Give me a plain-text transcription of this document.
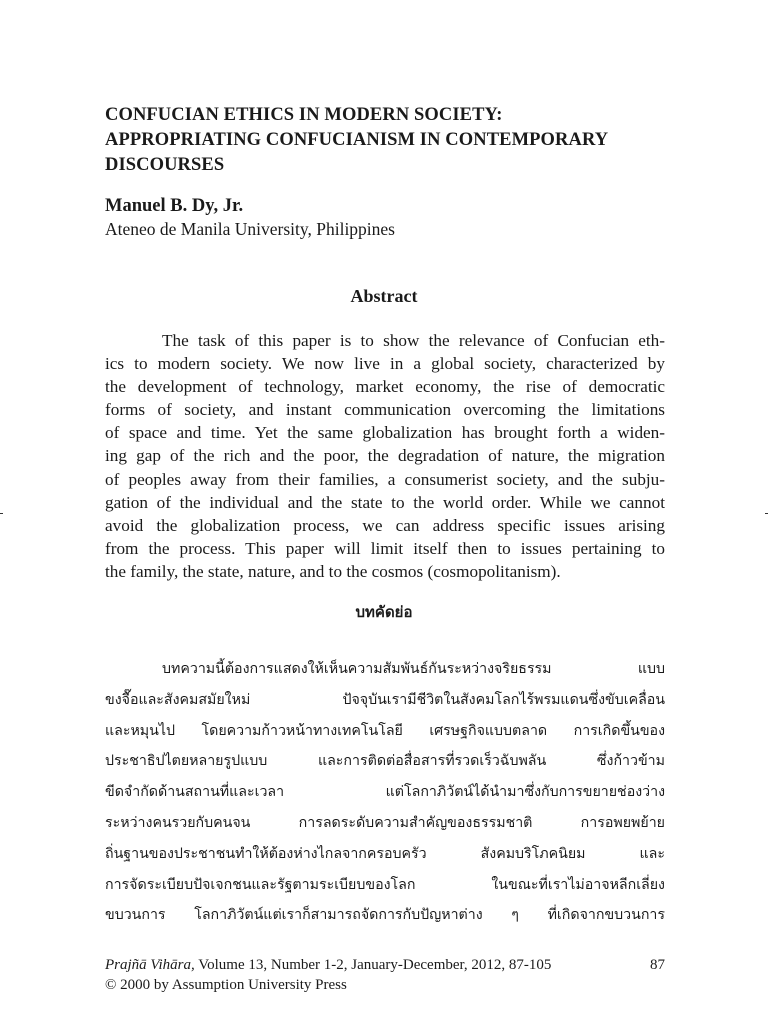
CONFUCIAN ETHICS IN MODERN SOCIETY:
APPROPRIATING CONFUCIANISM IN CONTEMPORARY
DISCOURSES
Manuel B. Dy, Jr.
Ateneo de Manila University, Philippines
Abstract
The task of this paper is to show the relevance of Confucian eth-
ics to modern society. We now live in a global society, characterized by
the development of technology, market economy, the rise of democratic
forms of society, and instant communication overcoming the limitations
of space and time. Yet the same globalization has brought forth a widen-
ing gap of the rich and the poor, the degradation of nature, the migration
of peoples away from their families, a consumerist society, and the subju-
gation of the individual and the state to the world order. While we cannot
avoid the globalization process, we can address specific issues arising
from the process. This paper will limit itself then to issues pertaining to
the family, the state, nature, and to the cosmos (cosmopolitanism).
บทคัดย่อ
บทความนี้ต้องการแสดงให้เห็นความสัมพันธ์กันระหว่างจริยธรรม แบบ
ขงจื๊อและสังคมสมัยใหม่ ปัจจุบันเรามีชีวิตในสังคมโลกไร้พรมแดนซึ่งขับเคลื่อน
และหมุนไป โดยความก้าวหน้าทางเทคโนโลยี เศรษฐกิจแบบตลาด การเกิดขึ้นของ
ประชาธิปไตยหลายรูปแบบ และการติดต่อสื่อสารที่รวดเร็วฉับพลัน ซึ่งก้าวข้าม
ขีดจำกัดด้านสถานที่และเวลา แต่โลกาภิวัตน์ได้นำมาซึ่งกับการขยายช่องว่าง
ระหว่างคนรวยกับคนจน การลดระดับความสำคัญของธรรมชาติ การอพยพย้าย
ถิ่นฐานของประชาชนทำให้ต้องห่างไกลจากครอบครัว สังคมบริโภคนิยม และ
การจัดระเบียบปัจเจกชนและรัฐตามระเบียบของโลก ในขณะที่เราไม่อาจหลีกเลี่ยง
ขบวนการ โลกาภิวัตน์แต่เราก็สามารถจัดการกับปัญหาต่าง ๆ ที่เกิดจากขบวนการ
Prajñā Vihāra, Volume 13, Number 1-2, January-December, 2012, 87-105	87
© 2000 by Assumption University Press
